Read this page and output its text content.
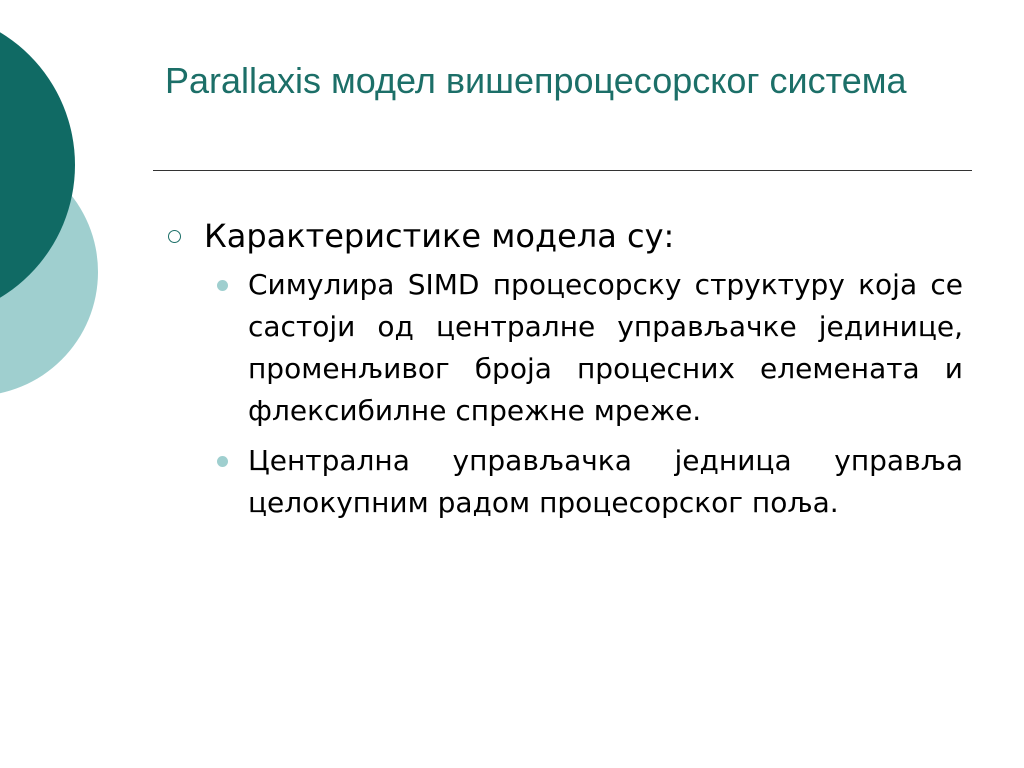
Parallaxis модел вишепроцесорског система
Карактеристике модела су:
Симулира SIMD процесорску структуру која се састоји од централне управљачке јединице, променљивог броја процесних елемената и флексибилне спрежне мреже.
Централна управљачка једница управља целокупним радом процесорског поља.
